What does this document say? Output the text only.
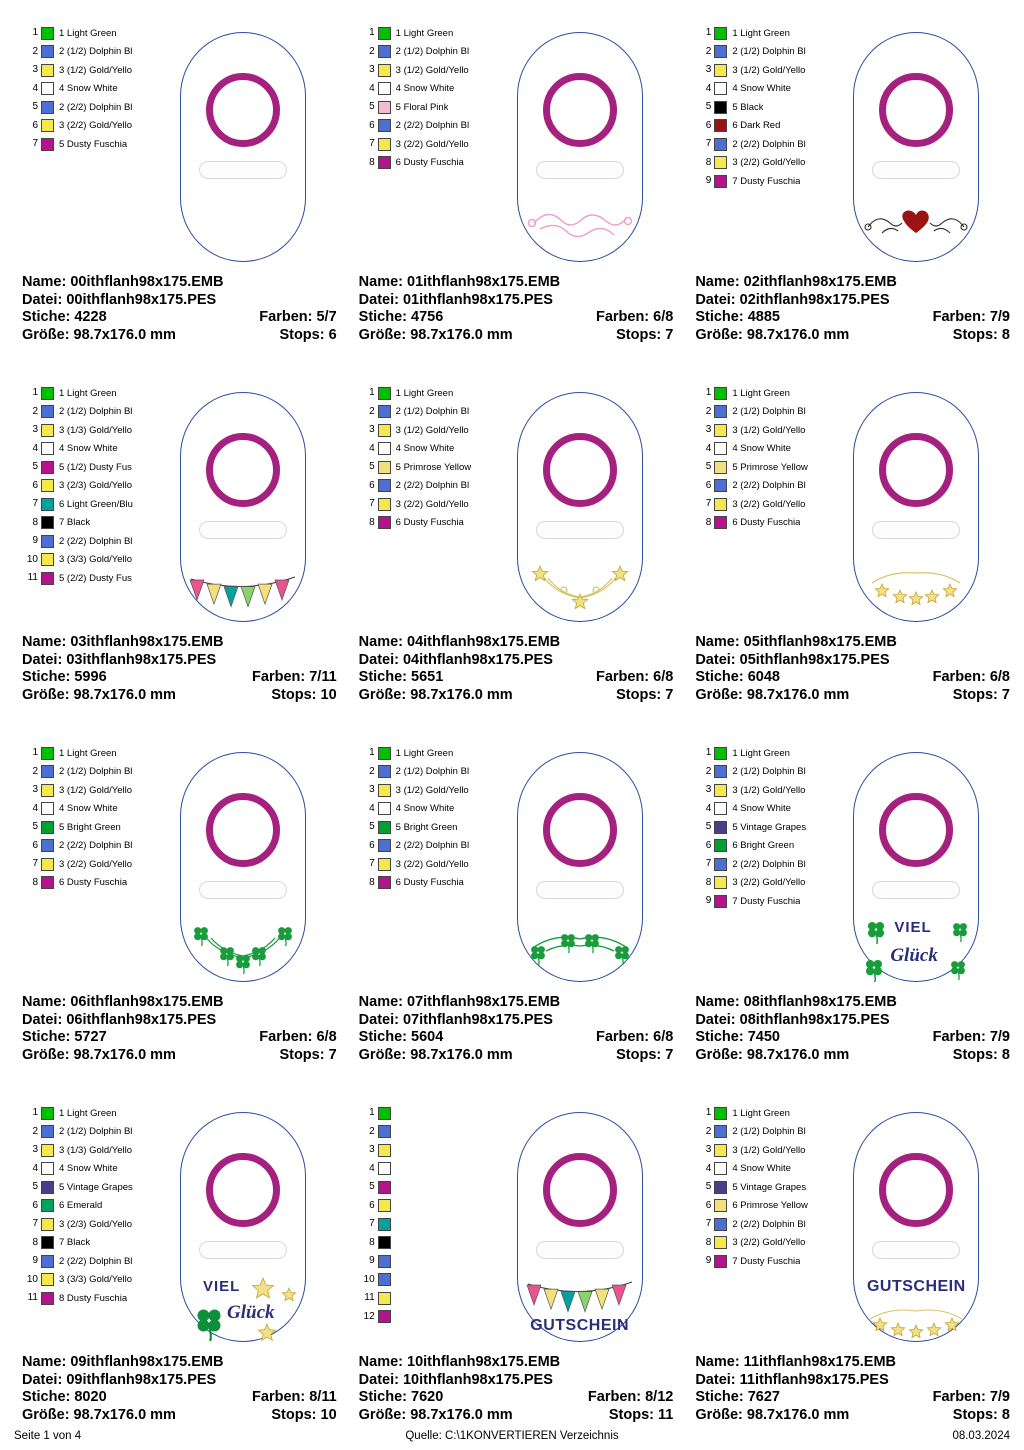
1	1 Light Green
2	2 (1/2) Dolphin Bl
3	3 (1/2) Gold/Yello
4	4 Snow White
5	2 (2/2) Dolphin Bl
6	3 (2/2) Gold/Yello
7	5 Dusty Fuschia
Name: 00ithflanh98x175.EMB
Datei: 00ithflanh98x175.PES
Stiche: 4228	Farben: 5/7
Größe: 98.7x176.0 mm	Stops: 6
1	1 Light Green
2	2 (1/2) Dolphin Bl
3	3 (1/2) Gold/Yello
4	4 Snow White
5	5 Floral Pink
6	2 (2/2) Dolphin Bl
7	3 (2/2) Gold/Yello
8	6 Dusty Fuschia
Name: 01ithflanh98x175.EMB
Datei: 01ithflanh98x175.PES
Stiche: 4756	Farben: 6/8
Größe: 98.7x176.0 mm	Stops: 7
1	1 Light Green
2	2 (1/2) Dolphin Bl
3	3 (1/2) Gold/Yello
4	4 Snow White
5	5 Black
6	6 Dark Red
7	2 (2/2) Dolphin Bl
8	3 (2/2) Gold/Yello
9	7 Dusty Fuschia
Name: 02ithflanh98x175.EMB
Datei: 02ithflanh98x175.PES
Stiche: 4885	Farben: 7/9
Größe: 98.7x176.0 mm	Stops: 8
1	1 Light Green
2	2 (1/2) Dolphin Bl
3	3 (1/3) Gold/Yello
4	4 Snow White
5	5 (1/2) Dusty Fus
6	3 (2/3) Gold/Yello
7	6 Light Green/Blu
8	7 Black
9	2 (2/2) Dolphin Bl
10	3 (3/3) Gold/Yello
11	5 (2/2) Dusty Fus
Name: 03ithflanh98x175.EMB
Datei: 03ithflanh98x175.PES
Stiche: 5996	Farben: 7/11
Größe: 98.7x176.0 mm	Stops: 10
1	1 Light Green
2	2 (1/2) Dolphin Bl
3	3 (1/2) Gold/Yello
4	4 Snow White
5	5 Primrose Yellow
6	2 (2/2) Dolphin Bl
7	3 (2/2) Gold/Yello
8	6 Dusty Fuschia
Name: 04ithflanh98x175.EMB
Datei: 04ithflanh98x175.PES
Stiche: 5651	Farben: 6/8
Größe: 98.7x176.0 mm	Stops: 7
1	1 Light Green
2	2 (1/2) Dolphin Bl
3	3 (1/2) Gold/Yello
4	4 Snow White
5	5 Primrose Yellow
6	2 (2/2) Dolphin Bl
7	3 (2/2) Gold/Yello
8	6 Dusty Fuschia
Name: 05ithflanh98x175.EMB
Datei: 05ithflanh98x175.PES
Stiche: 6048	Farben: 6/8
Größe: 98.7x176.0 mm	Stops: 7
1	1 Light Green
2	2 (1/2) Dolphin Bl
3	3 (1/2) Gold/Yello
4	4 Snow White
5	5 Bright Green
6	2 (2/2) Dolphin Bl
7	3 (2/2) Gold/Yello
8	6 Dusty Fuschia
Name: 06ithflanh98x175.EMB
Datei: 06ithflanh98x175.PES
Stiche: 5727	Farben: 6/8
Größe: 98.7x176.0 mm	Stops: 7
1	1 Light Green
2	2 (1/2) Dolphin Bl
3	3 (1/2) Gold/Yello
4	4 Snow White
5	5 Bright Green
6	2 (2/2) Dolphin Bl
7	3 (2/2) Gold/Yello
8	6 Dusty Fuschia
Name: 07ithflanh98x175.EMB
Datei: 07ithflanh98x175.PES
Stiche: 5604	Farben: 6/8
Größe: 98.7x176.0 mm	Stops: 7
1	1 Light Green
2	2 (1/2) Dolphin Bl
3	3 (1/2) Gold/Yello
4	4 Snow White
5	5 Vintage Grapes
6	6 Bright Green
7	2 (2/2) Dolphin Bl
8	3 (2/2) Gold/Yello
9	7 Dusty Fuschia
VIEL
Glück
Name: 08ithflanh98x175.EMB
Datei: 08ithflanh98x175.PES
Stiche: 7450	Farben: 7/9
Größe: 98.7x176.0 mm	Stops: 8
1	1 Light Green
2	2 (1/2) Dolphin Bl
3	3 (1/3) Gold/Yello
4	4 Snow White
5	5 Vintage Grapes
6	6 Emerald
7	3 (2/3) Gold/Yello
8	7 Black
9	2 (2/2) Dolphin Bl
10	3 (3/3) Gold/Yello
11	8 Dusty Fuschia
VIEL
Glück
Name: 09ithflanh98x175.EMB
Datei: 09ithflanh98x175.PES
Stiche: 8020	Farben: 8/11
Größe: 98.7x176.0 mm	Stops: 10
1
2
3
4
5
6
7
8
9
10
11
12
GUTSCHEIN
Name: 10ithflanh98x175.EMB
Datei: 10ithflanh98x175.PES
Stiche: 7620	Farben: 8/12
Größe: 98.7x176.0 mm	Stops: 11
1	1 Light Green
2	2 (1/2) Dolphin Bl
3	3 (1/2) Gold/Yello
4	4 Snow White
5	5 Vintage Grapes
6	6 Primrose Yellow
7	2 (2/2) Dolphin Bl
8	3 (2/2) Gold/Yello
9	7 Dusty Fuschia
GUTSCHEIN
Name: 11ithflanh98x175.EMB
Datei: 11ithflanh98x175.PES
Stiche: 7627	Farben: 7/9
Größe: 98.7x176.0 mm	Stops: 8
Seite 1 von 4	Quelle: C:\1KONVERTIEREN Verzeichnis	08.03.2024
